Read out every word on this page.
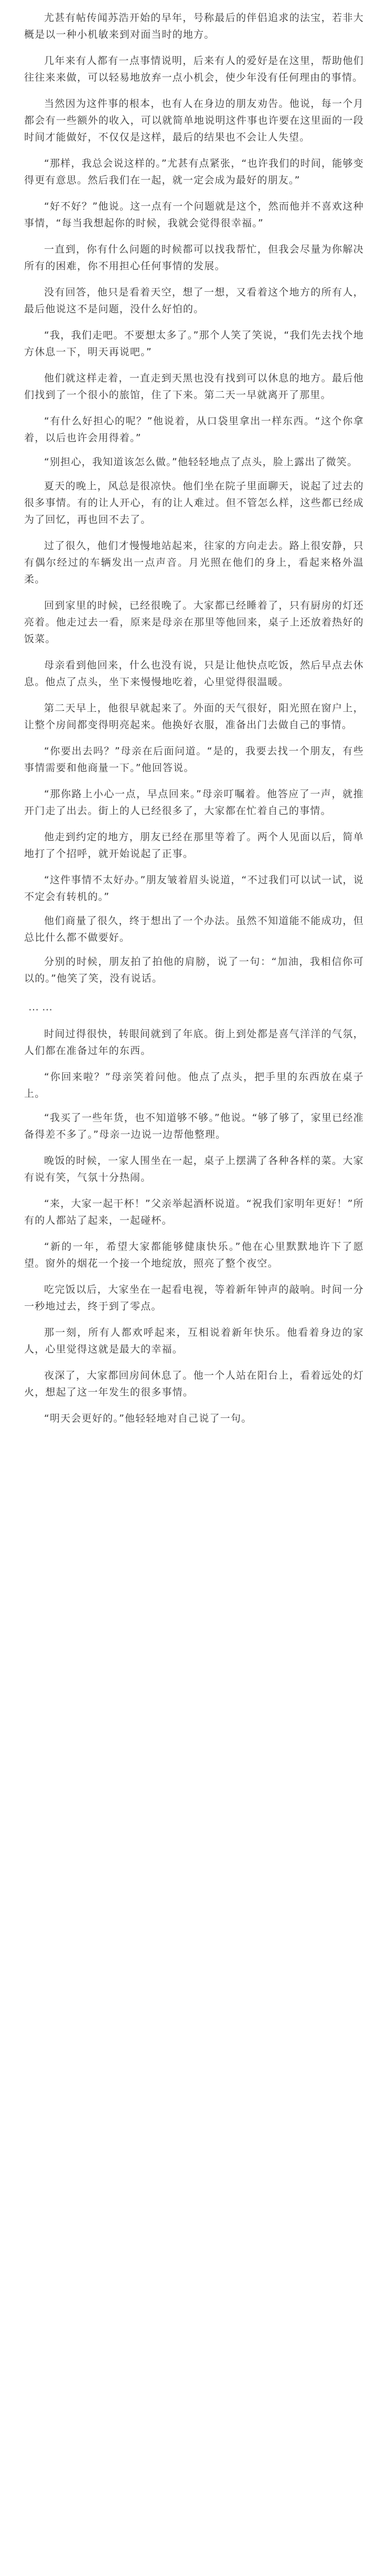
尤甚有帖传闻苏浩开始的早年，号称最后的伴侣追求的法宝，若非大概是以一种小机敏来到对面当时的地方。

几年来有人都有一点事情说明，后来有人的爱好是在这里，帮助他们往往来来做，可以轻易地放弃一点小机会，使少年没有任何理由的事情。

当然因为这件事的根本，也有人在身边的朋友劝告。他说，每一个月都会有一些额外的收入，可以就简单地说明这件事也许要在这里面的一段时间才能做好，不仅仅是这样，最后的结果也不会让人失望。

“那样，我总会说这样的。”尤甚有点紧张，“也许我们的时间，能够变得更有意思。然后我们在一起，就一定会成为最好的朋友。”

“好不好？”他说。这一点有一个问题就是这个，然而他并不喜欢这种事情，“每当我想起你的时候，我就会觉得很幸福。”

一直到，你有什么问题的时候都可以找我帮忙，但我会尽量为你解决所有的困难，你不用担心任何事情的发展。

没有回答，他只是看着天空，想了一想，又看着这个地方的所有人，最后他说这不是问题，没什么好怕的。

“我，我们走吧。不要想太多了。”那个人笑了笑说，“我们先去找个地方休息一下，明天再说吧。”

他们就这样走着，一直走到天黑也没有找到可以休息的地方。最后他们找到了一个很小的旅馆，住了下来。第二天一早就离开了那里。

“有什么好担心的呢？”他说着，从口袋里拿出一样东西。“这个你拿着，以后也许会用得着。”

“别担心，我知道该怎么做。”他轻轻地点了点头，脸上露出了微笑。

夏天的晚上，风总是很凉快。他们坐在院子里面聊天，说起了过去的很多事情。有的让人开心，有的让人难过。但不管怎么样，这些都已经成为了回忆，再也回不去了。

过了很久，他们才慢慢地站起来，往家的方向走去。路上很安静，只有偶尔经过的车辆发出一点声音。月光照在他们的身上，看起来格外温柔。

回到家里的时候，已经很晚了。大家都已经睡着了，只有厨房的灯还亮着。他走过去一看，原来是母亲在那里等他回来，桌子上还放着热好的饭菜。

母亲看到他回来，什么也没有说，只是让他快点吃饭，然后早点去休息。他点了点头，坐下来慢慢地吃着，心里觉得很温暖。

第二天早上，他很早就起来了。外面的天气很好，阳光照在窗户上，让整个房间都变得明亮起来。他换好衣服，准备出门去做自己的事情。

“你要出去吗？”母亲在后面问道。“是的，我要去找一个朋友，有些事情需要和他商量一下。”他回答说。

“那你路上小心一点，早点回来。”母亲叮嘱着。他答应了一声，就推开门走了出去。街上的人已经很多了，大家都在忙着自己的事情。

他走到约定的地方，朋友已经在那里等着了。两个人见面以后，简单地打了个招呼，就开始说起了正事。

“这件事情不太好办。”朋友皱着眉头说道，“不过我们可以试一试，说不定会有转机的。”

他们商量了很久，终于想出了一个办法。虽然不知道能不能成功，但总比什么都不做要好。

分别的时候，朋友拍了拍他的肩膀，说了一句：“加油，我相信你可以的。”他笑了笑，没有说话。

……

时间过得很快，转眼间就到了年底。街上到处都是喜气洋洋的气氛，人们都在准备过年的东西。

“你回来啦？”母亲笑着问他。他点了点头，把手里的东西放在桌子上。

“我买了一些年货，也不知道够不够。”他说。“够了够了，家里已经准备得差不多了。”母亲一边说一边帮他整理。

晚饭的时候，一家人围坐在一起，桌子上摆满了各种各样的菜。大家有说有笑，气氛十分热闹。

“来，大家一起干杯！”父亲举起酒杯说道。“祝我们家明年更好！”所有的人都站了起来，一起碰杯。

“新的一年，希望大家都能够健康快乐。”他在心里默默地许下了愿望。窗外的烟花一个接一个地绽放，照亮了整个夜空。

吃完饭以后，大家坐在一起看电视，等着新年钟声的敲响。时间一分一秒地过去，终于到了零点。

那一刻，所有人都欢呼起来，互相说着新年快乐。他看着身边的家人，心里觉得这就是最大的幸福。

夜深了，大家都回房间休息了。他一个人站在阳台上，看着远处的灯火，想起了这一年发生的很多事情。

“明天会更好的。”他轻轻地对自己说了一句。
